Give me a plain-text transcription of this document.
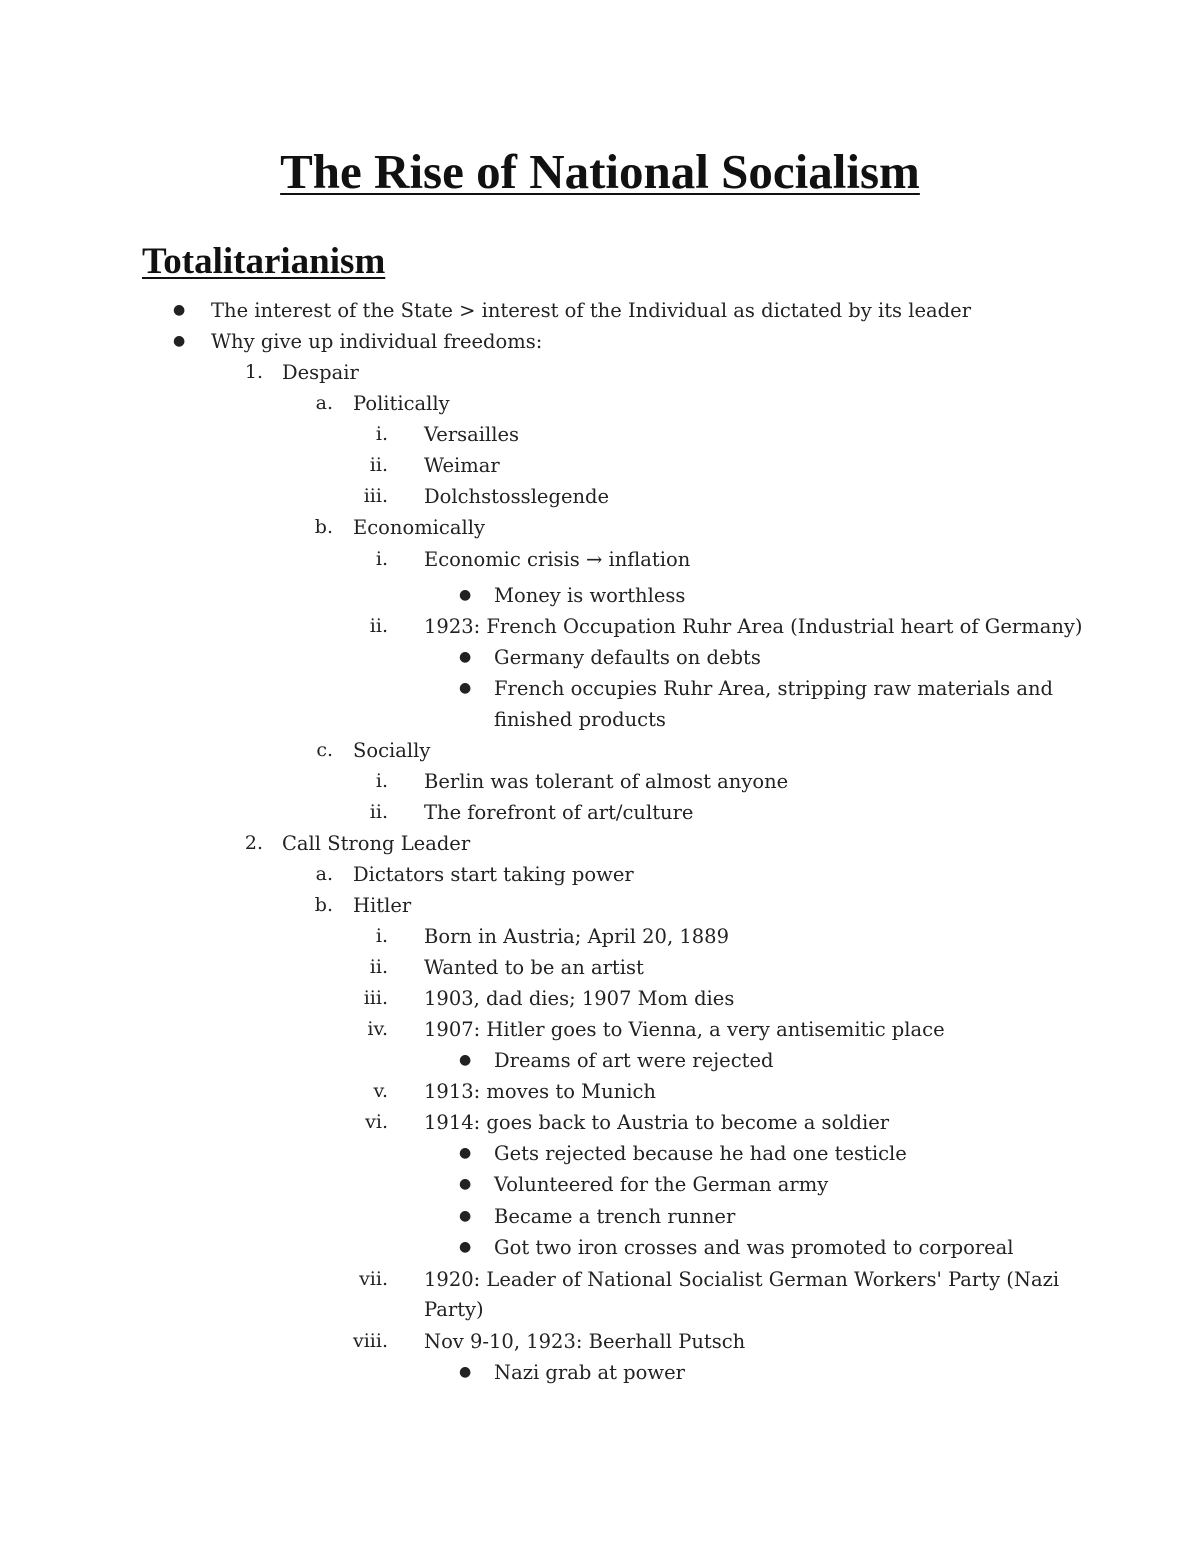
The Rise of National Socialism
Totalitarianism
● The interest of the State > interest of the Individual as dictated by its leader
● Why give up individual freedoms:
1. Despair
a. Politically
i. Versailles
ii. Weimar
iii. Dolchstosslegende
b. Economically
i. Economic crisis → inflation
● Money is worthless
ii. 1923: French Occupation Ruhr Area (Industrial heart of Germany)
● Germany defaults on debts
● French occupies Ruhr Area, stripping raw materials and
finished products
c. Socially
i. Berlin was tolerant of almost anyone
ii. The forefront of art/culture
2. Call Strong Leader
a. Dictators start taking power
b. Hitler
i. Born in Austria; April 20, 1889
ii. Wanted to be an artist
iii. 1903, dad dies; 1907 Mom dies
iv. 1907: Hitler goes to Vienna, a very antisemitic place
● Dreams of art were rejected
v. 1913: moves to Munich
vi. 1914: goes back to Austria to become a soldier
● Gets rejected because he had one testicle
● Volunteered for the German army
● Became a trench runner
● Got two iron crosses and was promoted to corporeal
vii. 1920: Leader of National Socialist German Workers' Party (Nazi
Party)
viii. Nov 9-10, 1923: Beerhall Putsch
● Nazi grab at power
